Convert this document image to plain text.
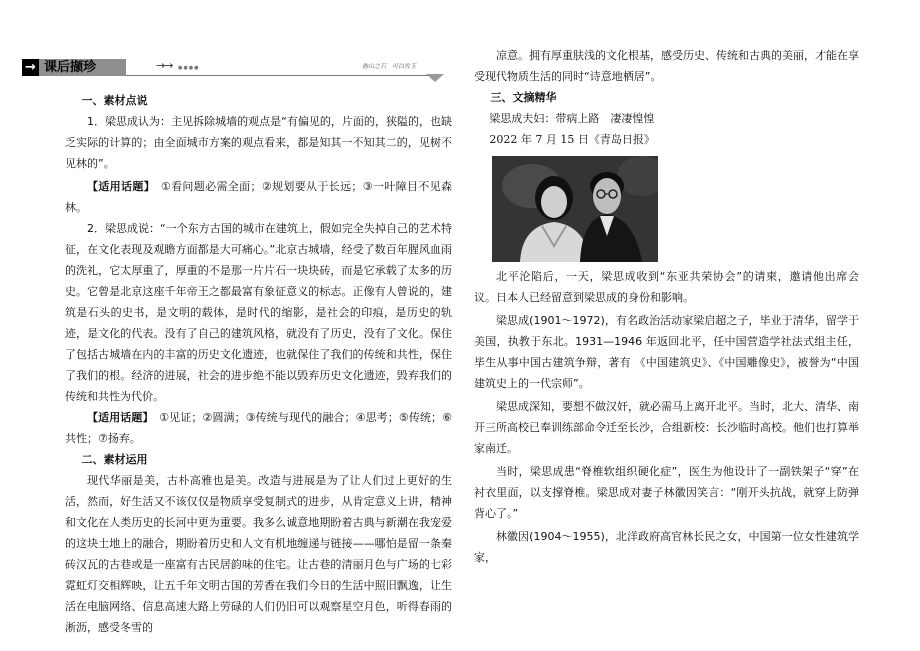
→ 课后撷珍	→→ ●●●●	他山之石　可以攻玉

一、素材点说

1．梁思成认为：主见拆除城墙的观点是“有偏见的，片面的，狭隘的，也缺乏实际的计算的；由全面城市方案的观点看来，都是知其一不知其二的，见树不见林的”。

【适用话题】　 ①看问题必需全面；②规划要从于长远；③一叶障目不见森林。

2．梁思成说：“一个东方古国的城市在建筑上，假如完全失掉自己的艺术特征，在文化表现及观瞻方面都是大可痛心。”北京古城墙，经受了数百年腥风血雨的洗礼，它太厚重了，厚重的不是那一片片石一块块砖，而是它承载了太多的历史。它曾是北京这座千年帝王之都最富有象征意义的标志。正像有人曾说的，建筑是石头的史书，是文明的载体，是时代的缩影，是社会的印痕，是历史的轨迹，是文化的代表。没有了自己的建筑风格，就没有了历史，没有了文化。保住了包括古城墙在内的丰富的历史文化遗迹，也就保住了我们的传统和共性，保住了我们的根。经济的进展，社会的进步绝不能以毁弃历史文化遗迹，毁弃我们的传统和共性为代价。

【适用话题】　 ①见证；②圆满；③传统与现代的融合；④思考；⑤传统；⑥共性；⑦扬弃。

二、素材运用

现代华丽是美，古朴高雅也是美。改造与进展是为了让人们过上更好的生活，然而，好生活又不该仅仅是物质享受复制式的进步，从肯定意义上讲，精神和文化在人类历史的长河中更为重要。我多么诚意地期盼着古典与新潮在我宠爱的这块土地上的融合，期盼着历史和人文有机地缠递与链接——哪怕是留一条秦砖汉瓦的古巷或是一座富有古民居韵味的住宅。让古巷的清丽月色与广场的七彩霓虹灯交相辉映，让五千年文明古国的芳香在我们今日的生活中照旧飘逸，让生活在电脑网络、信息高速大路上劳碌的人们仍旧可以观察星空月色，听得春雨的淅沥，感受冬雪的

凉意。拥有厚重肤浅的文化根基，感受历史、传统和古典的美丽，才能在享受现代物质生活的同时“诗意地栖居”。

三、文摘精华

梁思成夫妇：带病上路　凄凄惶惶

2022 年 7 月 15 日《青岛日报》

北平沦陷后，一天，梁思成收到“东亚共荣协会”的请柬，邀请他出席会议。日本人已经留意到梁思成的身份和影响。

梁思成(1901～1972)，有名政治活动家梁启超之子，毕业于清华，留学于美国，执教于东北。1931—1946 年返回北平，任中国营造学社法式组主任，毕生从事中国古建筑争辩，著有 《中国建筑史》、《中国雕像史》，被誉为“中国建筑史上的一代宗师”。

梁思成深知，要想不做汉奸，就必需马上离开北平。当时，北大、清华、南开三所高校已奉训练部命令迁至长沙，合组新校：长沙临时高校。他们也打算举家南迁。

当时，梁思成患“脊椎软组织硬化症”，医生为他设计了一副铁架子“穿”在衬衣里面，以支撑脊椎。梁思成对妻子林徽因笑言：“刚开头抗战，就穿上防弹背心了。”

林徽因(1904～1955)，北洋政府高官林长民之女，中国第一位女性建筑学家，
